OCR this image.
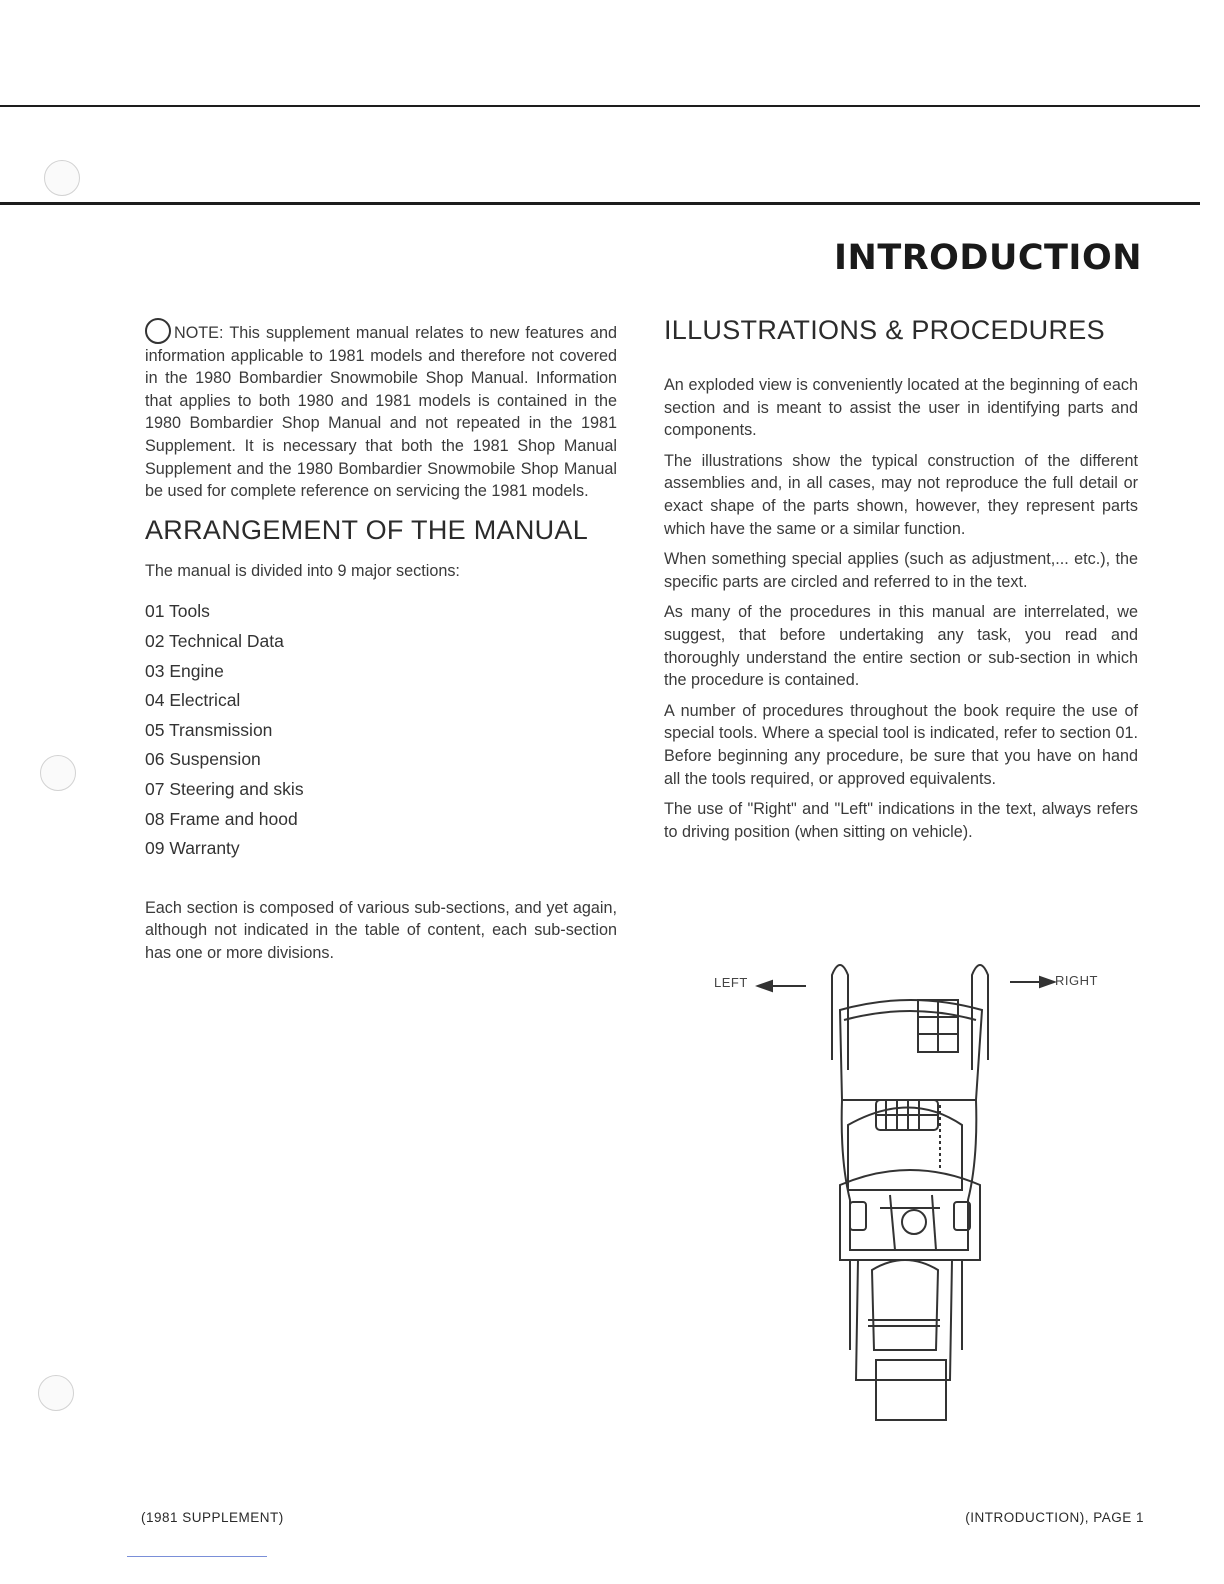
INTRODUCTION

NOTE: This supplement manual relates to new features and information applicable to 1981 models and therefore not covered in the 1980 Bombardier Snowmobile Shop Manual. Information that applies to both 1980 and 1981 models is contained in the 1980 Bombardier Shop Manual and not repeated in the 1981 Supplement. It is necessary that both the 1981 Shop Manual Supplement and the 1980 Bombardier Snowmobile Shop Manual be used for complete reference on servicing the 1981 models.

ARRANGEMENT OF THE MANUAL

The manual is divided into 9 major sections:

01 Tools
02 Technical Data
03 Engine
04 Electrical
05 Transmission
06 Suspension
07 Steering and skis
08 Frame and hood
09 Warranty

Each section is composed of various sub-sections, and yet again, although not indicated in the table of content, each sub-section has one or more divisions.

ILLUSTRATIONS & PROCEDURES

An exploded view is conveniently located at the beginning of each section and is meant to assist the user in identifying parts and components.

The illustrations show the typical construction of the different assemblies and, in all cases, may not reproduce the full detail or exact shape of the parts shown, however, they represent parts which have the same or a similar function.

When something special applies (such as adjustment,... etc.), the specific parts are circled and referred to in the text.

As many of the procedures in this manual are interrelated, we suggest, that before undertaking any task, you read and thoroughly understand the entire section or sub-section in which the procedure is contained.

A number of procedures throughout the book require the use of special tools. Where a special tool is indicated, refer to section 01. Before beginning any procedure, be sure that you have on hand all the tools required, or approved equivalents.

The use of "Right" and "Left" indications in the text, always refers to driving position (when sitting on vehicle).

LEFT	RIGHT
(1981 SUPPLEMENT)	(INTRODUCTION), PAGE 1
